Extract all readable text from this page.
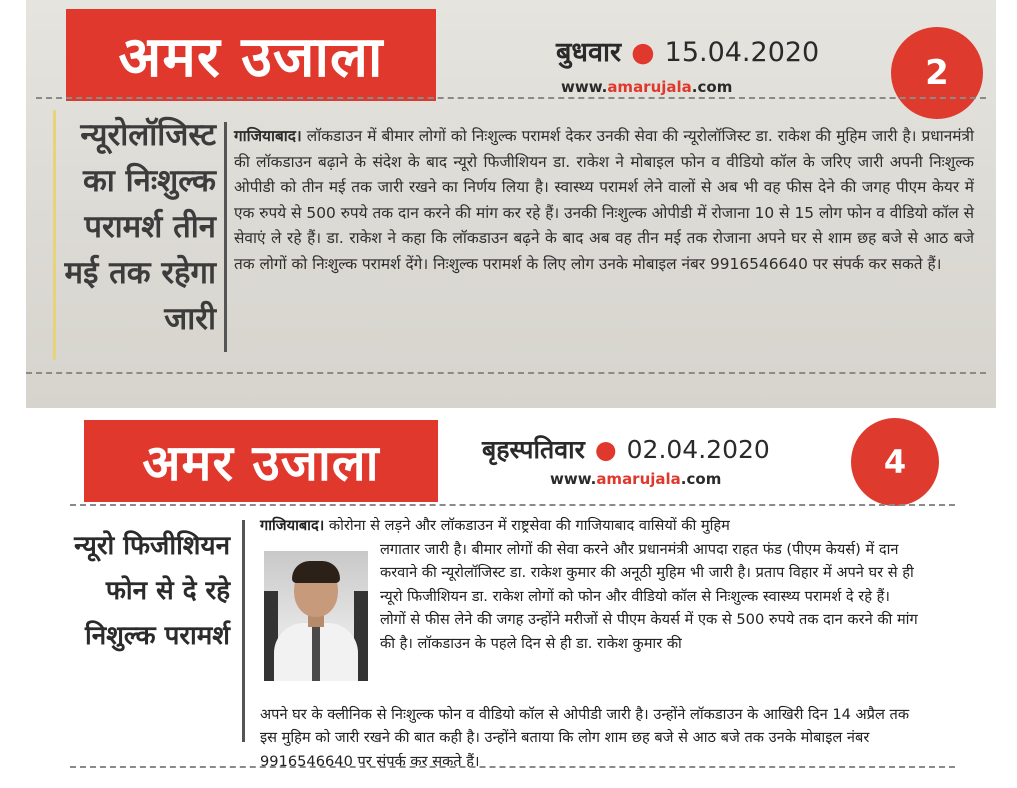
अमर उजाला	बुधवार ● 15.04.2020
www.amarujala.com	2
न्यूरोलॉजिस्ट का निःशुल्क परामर्श तीन मई तक रहेगा जारी
गाजियाबाद। लॉकडाउन में बीमार लोगों को निःशुल्क परामर्श देकर उनकी सेवा की न्यूरोलॉजिस्ट डा. राकेश की मुहिम जारी है। प्रधानमंत्री की लॉकडाउन बढ़ाने के संदेश के बाद न्यूरो फिजीशियन डा. राकेश ने मोबाइल फोन व वीडियो कॉल के जरिए जारी अपनी निःशुल्क ओपीडी को तीन मई तक जारी रखने का निर्णय लिया है। स्वास्थ्य परामर्श लेने वालों से अब भी वह फीस देने की जगह पीएम केयर में एक रुपये से 500 रुपये तक दान करने की मांग कर रहे हैं। उनकी निःशुल्क ओपीडी में रोजाना 10 से 15 लोग फोन व वीडियो कॉल से सेवाएं ले रहे हैं। डा. राकेश ने कहा कि लॉकडाउन बढ़ने के बाद अब वह तीन मई तक रोजाना अपने घर से शाम छह बजे से आठ बजे तक लोगों को निःशुल्क परामर्श देंगे। निःशुल्क परामर्श के लिए लोग उनके मोबाइल नंबर 9916546640 पर संपर्क कर सकते हैं।
अमर उजाला	बृहस्पतिवार ● 02.04.2020
www.amarujala.com	4
न्यूरो फिजीशियन फोन से दे रहे निशुल्क परामर्श
गाजियाबाद। कोरोना से लड़ने और लॉकडाउन में राष्ट्रसेवा की गाजियाबाद वासियों की मुहिम
लगातार जारी है। बीमार लोगों की सेवा करने और प्रधानमंत्री आपदा राहत फंड (पीएम केयर्स) में दान करवाने की न्यूरोलॉजिस्ट डा. राकेश कुमार की अनूठी मुहिम भी जारी है। प्रताप विहार में अपने घर से ही न्यूरो फिजीशियन डा. राकेश लोगों को फोन और वीडियो कॉल से निःशुल्क स्वास्थ्य परामर्श दे रहे हैं। लोगों से फीस लेने की जगह उन्होंने मरीजों से पीएम केयर्स में एक से 500 रुपये तक दान करने की मांग की है। लॉकडाउन के पहले दिन से ही डा. राकेश कुमार की
अपने घर के क्लीनिक से निःशुल्क फोन व वीडियो कॉल से ओपीडी जारी है। उन्होंने लॉकडाउन के आखिरी दिन 14 अप्रैल तक इस मुहिम को जारी रखने की बात कही है। उन्होंने बताया कि लोग शाम छह बजे से आठ बजे तक उनके मोबाइल नंबर 9916546640 पर संपर्क कर सकते हैं।
